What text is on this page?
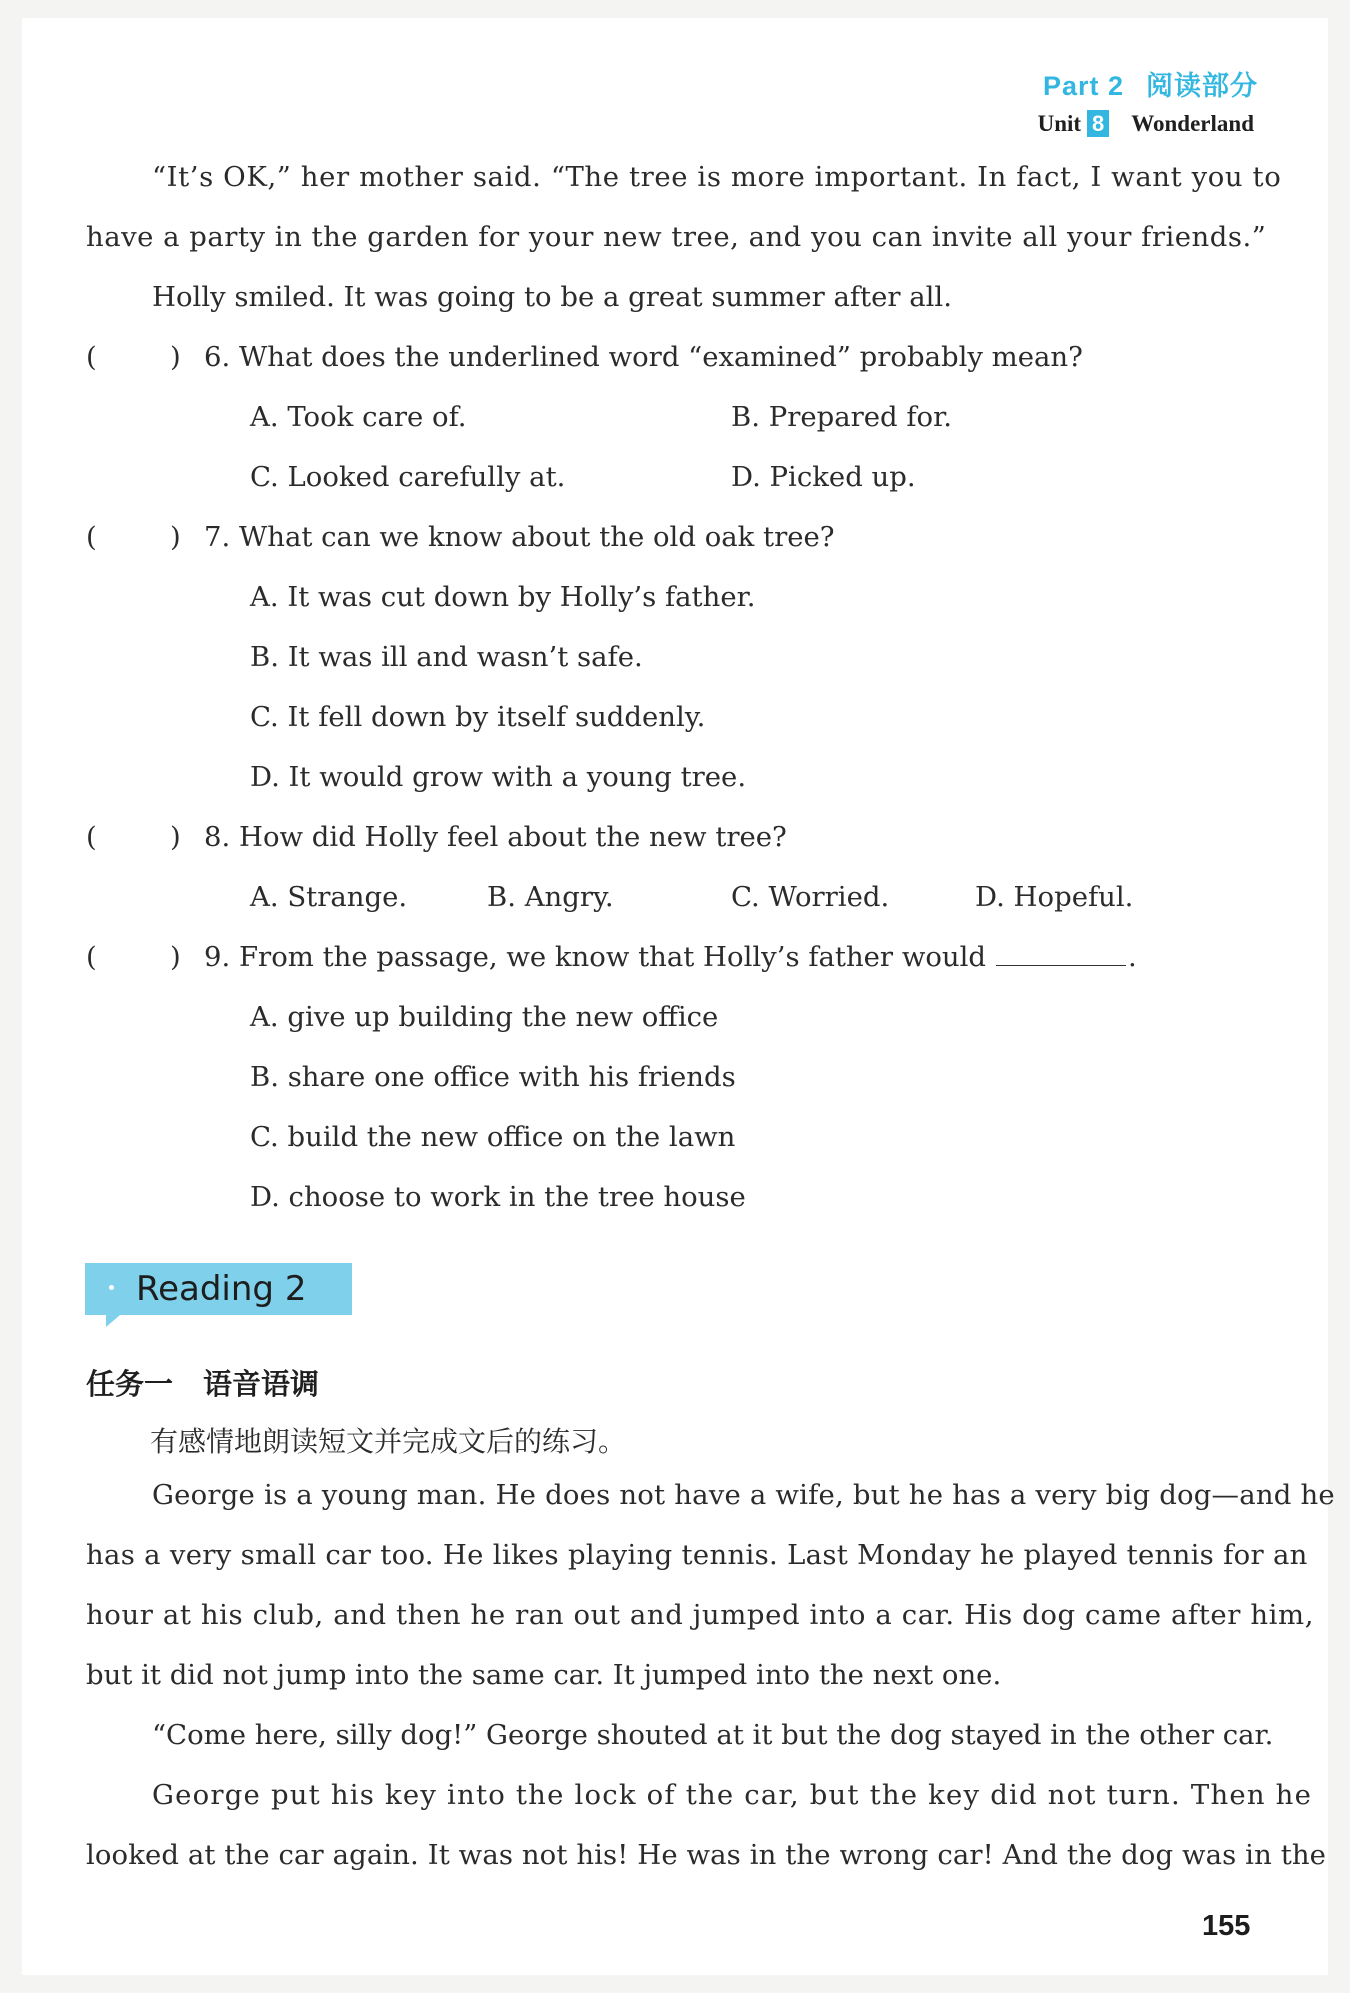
Part 2 阅读部分
Unit 8 Wonderland
“It’s OK,” her mother said. “The tree is more important. In fact, I want you to
have a party in the garden for your new tree, and you can invite all your friends.”
Holly smiled. It was going to be a great summer after all.
(	) 6. What does the underlined word “examined” probably mean?
A. Took care of.	B. Prepared for.
C. Looked carefully at.	D. Picked up.
(	) 7. What can we know about the old oak tree?
A. It was cut down by Holly’s father.
B. It was ill and wasn’t safe.
C. It fell down by itself suddenly.
D. It would grow with a young tree.
(	) 8. How did Holly feel about the new tree?
A. Strange.	B. Angry.	C. Worried.	D. Hopeful.
(	) 9. From the passage, we know that Holly’s father would	.
A. give up building the new office
B. share one office with his friends
C. build the new office on the lawn
D. choose to work in the tree house
Reading 2
任务一 语音语调
有感情地朗读短文并完成文后的练习。
George is a young man. He does not have a wife, but he has a very big dog—and he
has a very small car too. He likes playing tennis. Last Monday he played tennis for an
hour at his club, and then he ran out and jumped into a car. His dog came after him,
but it did not jump into the same car. It jumped into the next one.
“Come here, silly dog!” George shouted at it but the dog stayed in the other car.
George put his key into the lock of the car, but the key did not turn. Then he
looked at the car again. It was not his! He was in the wrong car! And the dog was in the
155
